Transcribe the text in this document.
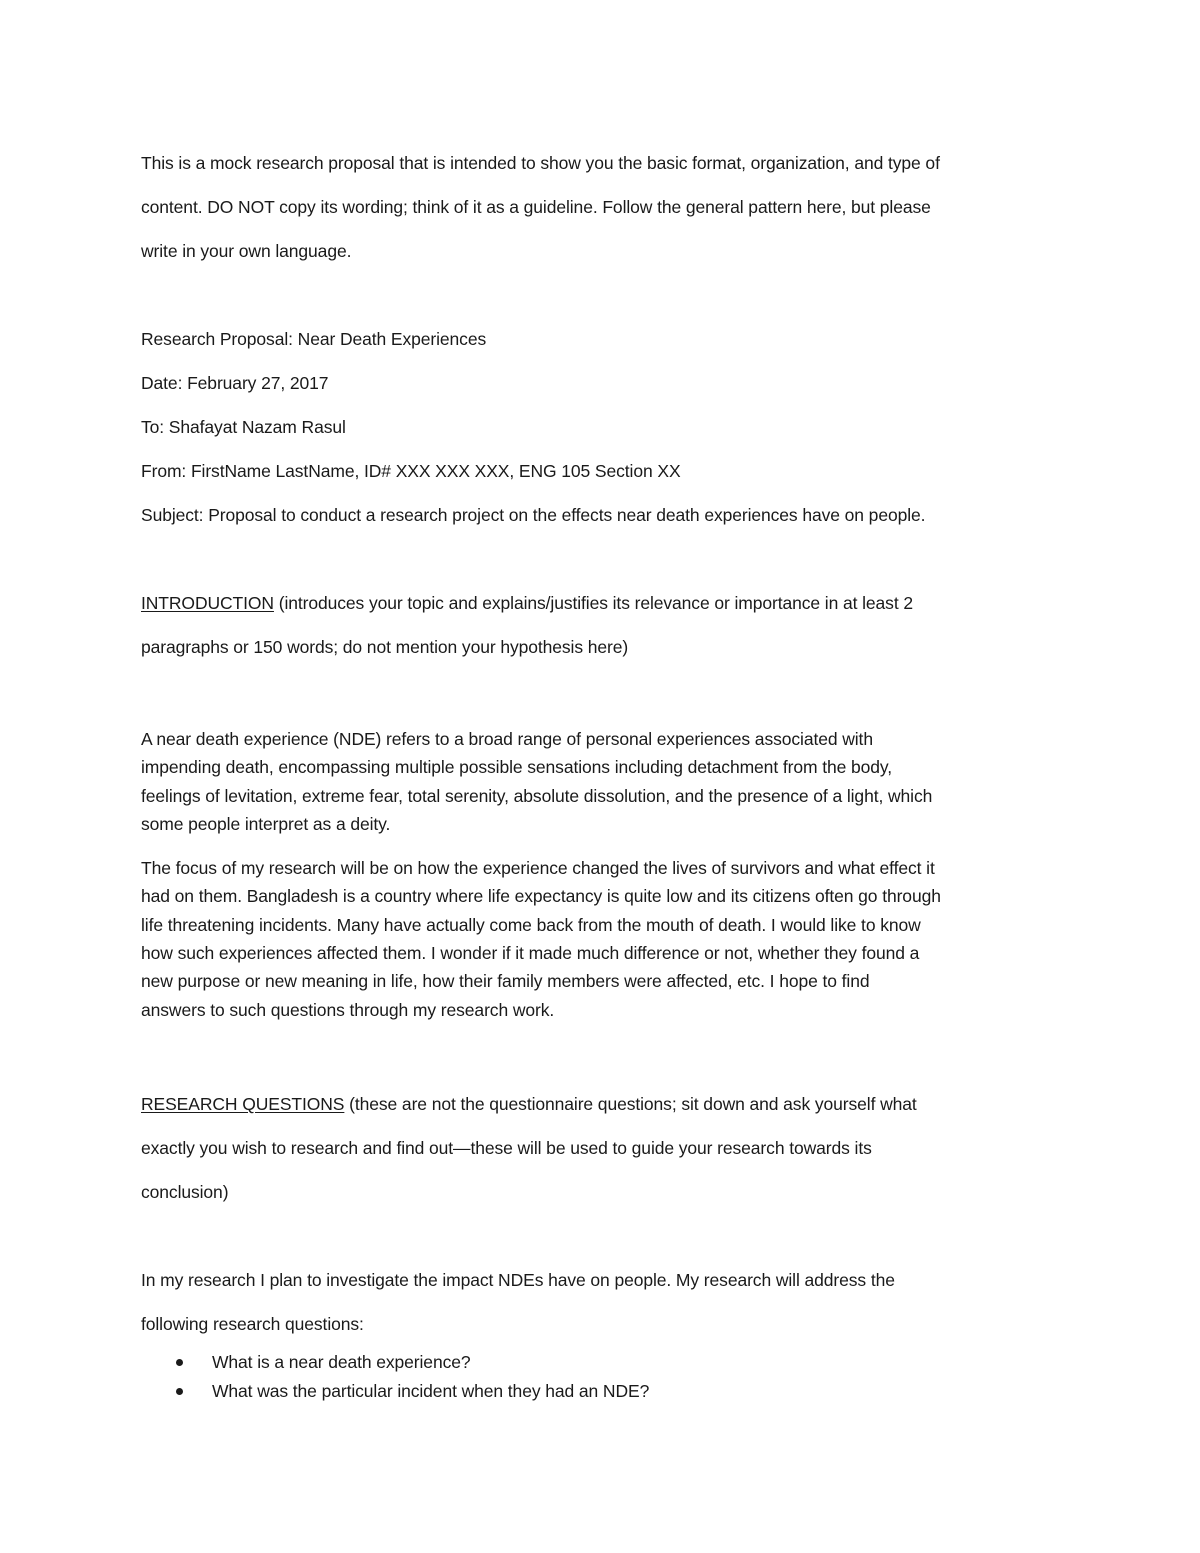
This is a mock research proposal that is intended to show you the basic format, organization, and type of

content. DO NOT copy its wording; think of it as a guideline. Follow the general pattern here, but please

write in your own language.

Research Proposal: Near Death Experiences

Date: February 27, 2017

To: Shafayat Nazam Rasul

From: FirstName LastName, ID# XXX XXX XXX, ENG 105 Section XX

Subject: Proposal to conduct a research project on the effects near death experiences have on people.

INTRODUCTION (introduces your topic and explains/justifies its relevance or importance in at least 2

paragraphs or 150 words; do not mention your hypothesis here)

A near death experience (NDE) refers to a broad range of personal experiences associated with

impending death, encompassing multiple possible sensations including detachment from the body,

feelings of levitation, extreme fear, total serenity, absolute dissolution, and the presence of a light, which

some people interpret as a deity.

The focus of my research will be on how the experience changed the lives of survivors and what effect it

had on them. Bangladesh is a country where life expectancy is quite low and its citizens often go through

life threatening incidents. Many have actually come back from the mouth of death. I would like to know

how such experiences affected them. I wonder if it made much difference or not, whether they found a

new purpose or new meaning in life, how their family members were affected, etc. I hope to find

answers to such questions through my research work.

RESEARCH QUESTIONS (these are not the questionnaire questions; sit down and ask yourself what

exactly you wish to research and find out—these will be used to guide your research towards its

conclusion)

In my research I plan to investigate the impact NDEs have on people. My research will address the

following research questions:

What is a near death experience?
What was the particular incident when they had an NDE?
